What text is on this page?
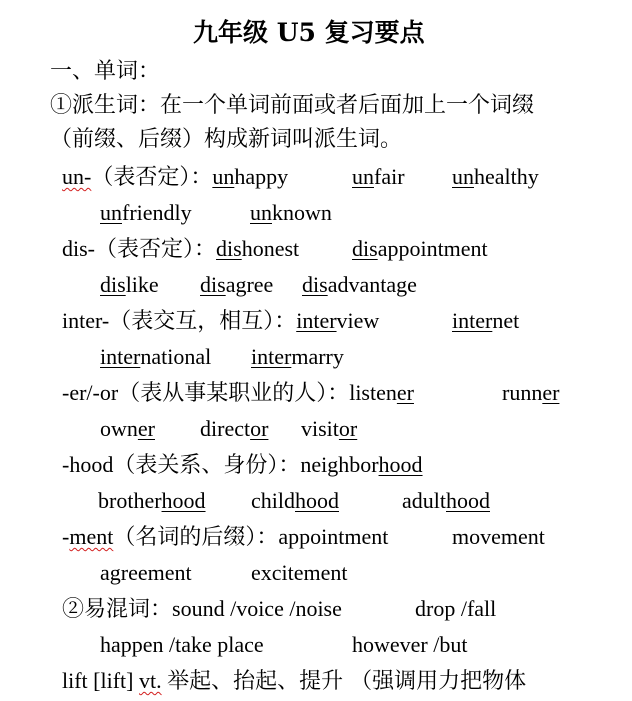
九年级 U5 复习要点
一、单词：
①派生词：在一个单词前面或者后面加上一个词缀
（前缀、后缀）构成新词叫派生词。
un-（表否定）：unhappy	unfair unhealthy
unfriendly	unknown
dis-（表否定）：dishonest disappointment
dislike disagree disadvantage
inter-（表交互，相互）：interview	internet
international intermarry
-er/-or（表从事某职业的人）：listener	runner
owner director visitor
-hood（表关系、身份）：neighborhood
brotherhood childhood	adulthood
-ment（名词的后缀）：appointment	movement
agreement	excitement
②易混词：sound /voice /noise	drop /fall
happen /take place	however /but
lift [lift] vt. 举起、抬起、提升 （强调用力把物体
